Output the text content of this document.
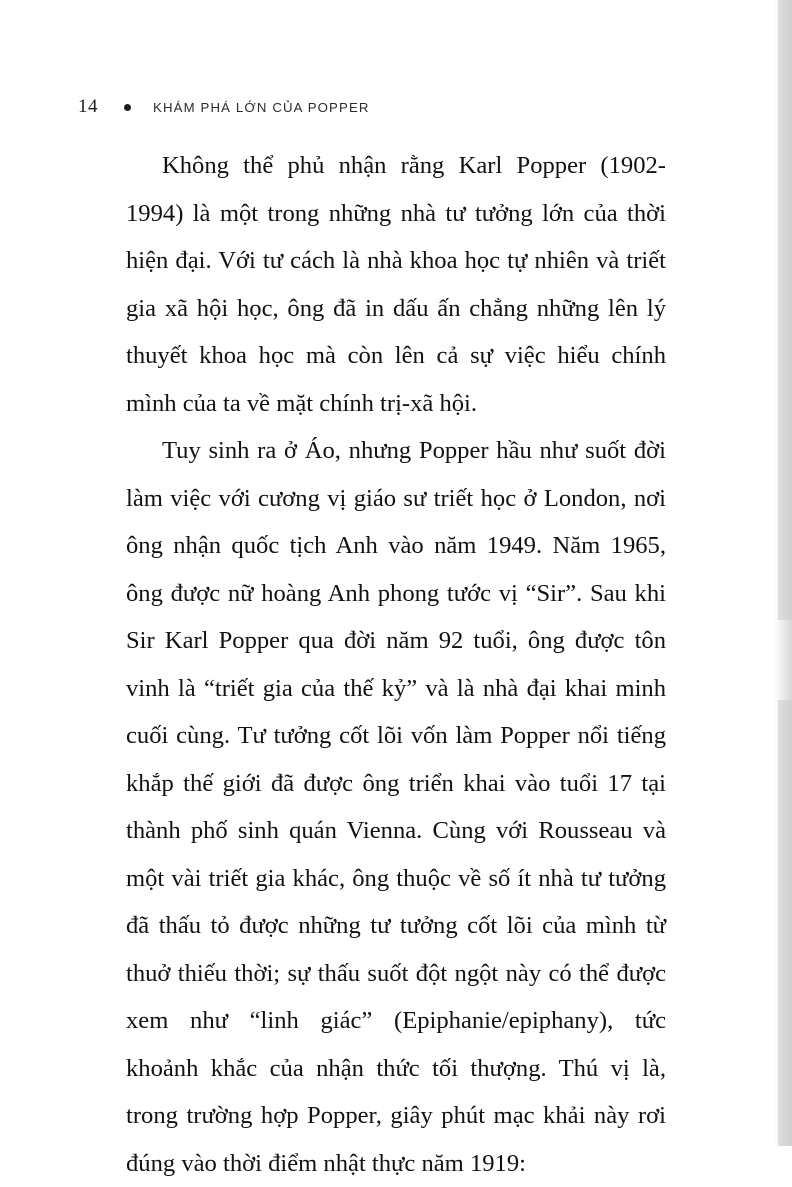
14	KHÁM PHÁ LỚN CỦA POPPER

Không thể phủ nhận rằng Karl Popper (1902-1994) là một trong những nhà tư tưởng lớn của thời hiện đại. Với tư cách là nhà khoa học tự nhiên và triết gia xã hội học, ông đã in dấu ấn chẳng những lên lý thuyết khoa học mà còn lên cả sự việc hiểu chính mình của ta về mặt chính trị-xã hội.

Tuy sinh ra ở Áo, nhưng Popper hầu như suốt đời làm việc với cương vị giáo sư triết học ở London, nơi ông nhận quốc tịch Anh vào năm 1949. Năm 1965, ông được nữ hoàng Anh phong tước vị “Sir”. Sau khi Sir Karl Popper qua đời năm 92 tuổi, ông được tôn vinh là “triết gia của thế kỷ” và là nhà đại khai minh cuối cùng. Tư tưởng cốt lõi vốn làm Popper nổi tiếng khắp thế giới đã được ông triển khai vào tuổi 17 tại thành phố sinh quán Vienna. Cùng với Rousseau và một vài triết gia khác, ông thuộc về số ít nhà tư tưởng đã thấu tỏ được những tư tưởng cốt lõi của mình từ thuở thiếu thời; sự thấu suốt đột ngột này có thể được xem như “linh giác” (Epiphanie/epiphany), tức khoảnh khắc của nhận thức tối thượng. Thú vị là, trong trường hợp Popper, giây phút mạc khải này rơi đúng vào thời điểm nhật thực năm 1919:
